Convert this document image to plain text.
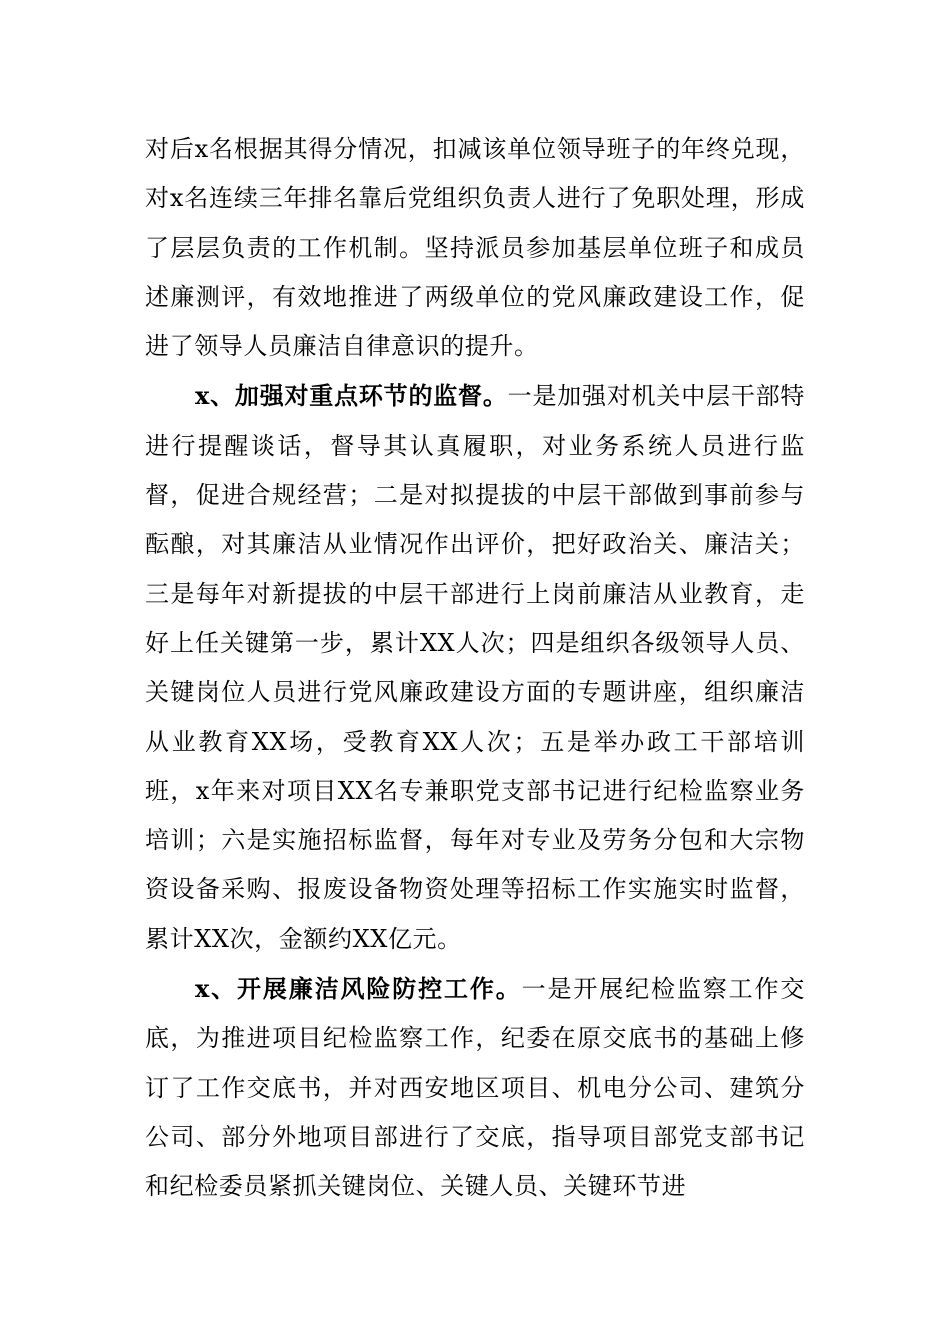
对后x名根据其得分情况，扣减该单位领导班子的年终兑现，对x名连续三年排名靠后党组织负责人进行了免职处理，形成了层层负责的工作机制。坚持派员参加基层单位班子和成员述廉测评，有效地推进了两级单位的党风廉政建设工作，促进了领导人员廉洁自律意识的提升。

x、加强对重点环节的监督。一是加强对机关中层干部特进行提醒谈话，督导其认真履职，对业务系统人员进行监督，促进合规经营；二是对拟提拔的中层干部做到事前参与酝酿，对其廉洁从业情况作出评价，把好政治关、廉洁关；三是每年对新提拔的中层干部进行上岗前廉洁从业教育，走好上任关键第一步，累计XX人次；四是组织各级领导人员、关键岗位人员进行党风廉政建设方面的专题讲座，组织廉洁从业教育XX场，受教育XX人次；五是举办政工干部培训班，x年来对项目XX名专兼职党支部书记进行纪检监察业务培训；六是实施招标监督，每年对专业及劳务分包和大宗物资设备采购、报废设备物资处理等招标工作实施实时监督，累计XX次，金额约XX亿元。

x、开展廉洁风险防控工作。一是开展纪检监察工作交底，为推进项目纪检监察工作，纪委在原交底书的基础上修订了工作交底书，并对西安地区项目、机电分公司、建筑分公司、部分外地项目部进行了交底，指导项目部党支部书记和纪检委员紧抓关键岗位、关键人员、关键环节进
